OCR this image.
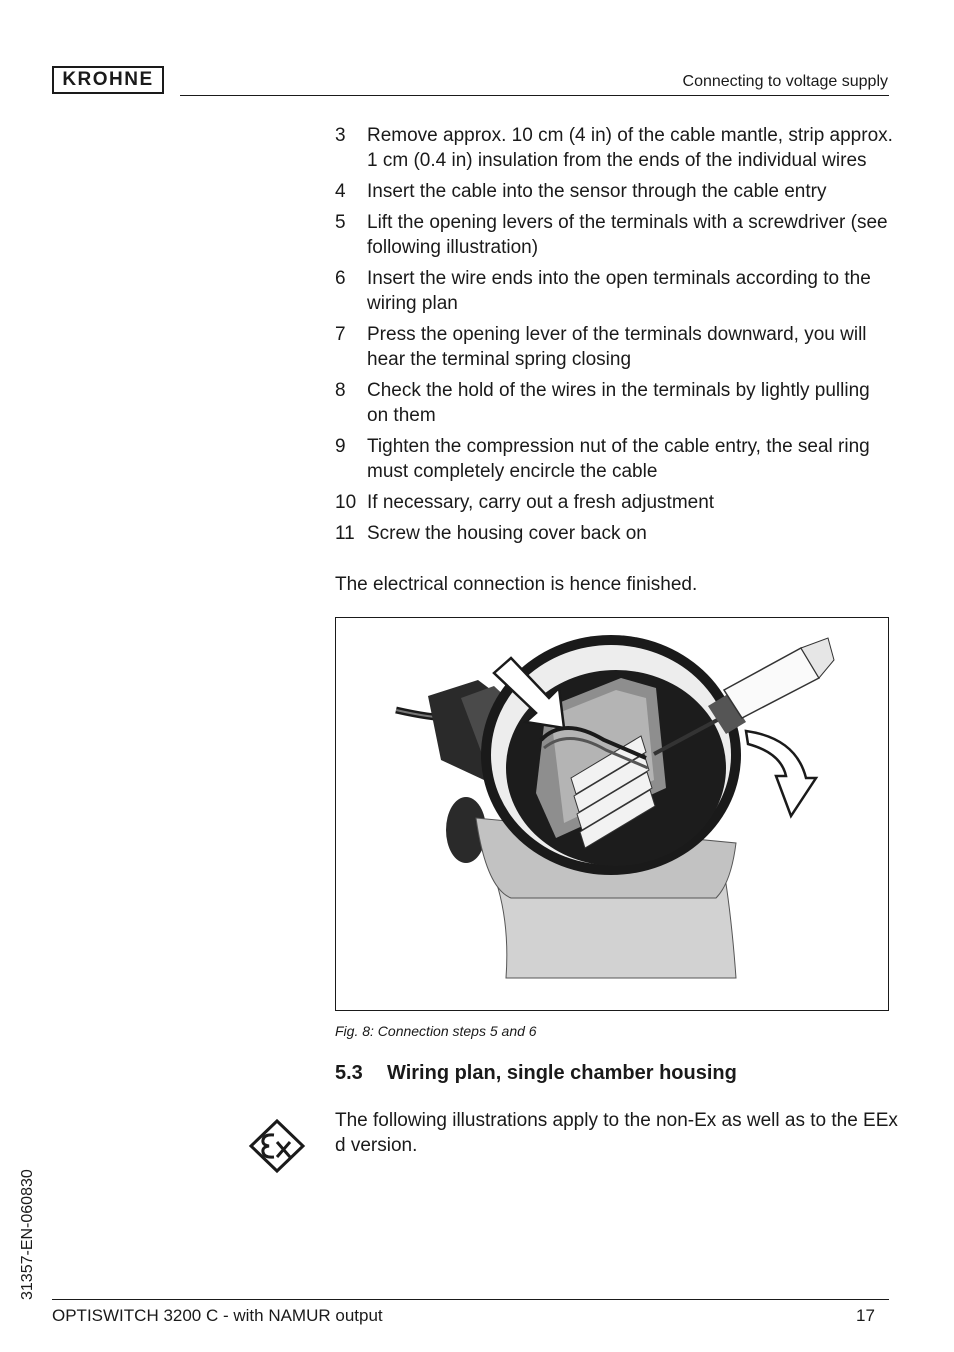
KROHNE	Connecting to voltage supply
3	Remove approx. 10 cm (4 in) of the cable mantle, strip approx. 1 cm (0.4 in) insulation from the ends of the individual wires
4	Insert the cable into the sensor through the cable entry
5	Lift the opening levers of the terminals with a screwdriver (see following illustration)
6	Insert the wire ends into the open terminals according to the wiring plan
7	Press the opening lever of the terminals downward, you will hear the terminal spring closing
8	Check the hold of the wires in the terminals by lightly pulling on them
9	Tighten the compression nut of the cable entry, the seal ring must completely encircle the cable
10 If necessary, carry out a fresh adjustment
11 Screw the housing cover back on
The electrical connection is hence finished.
Fig. 8: Connection steps 5 and 6
5.3 Wiring plan, single chamber housing
The following illustrations apply to the non-Ex as well as to the EEx d version.
31357-EN-060830
OPTISWITCH 3200 C - with NAMUR output	17
